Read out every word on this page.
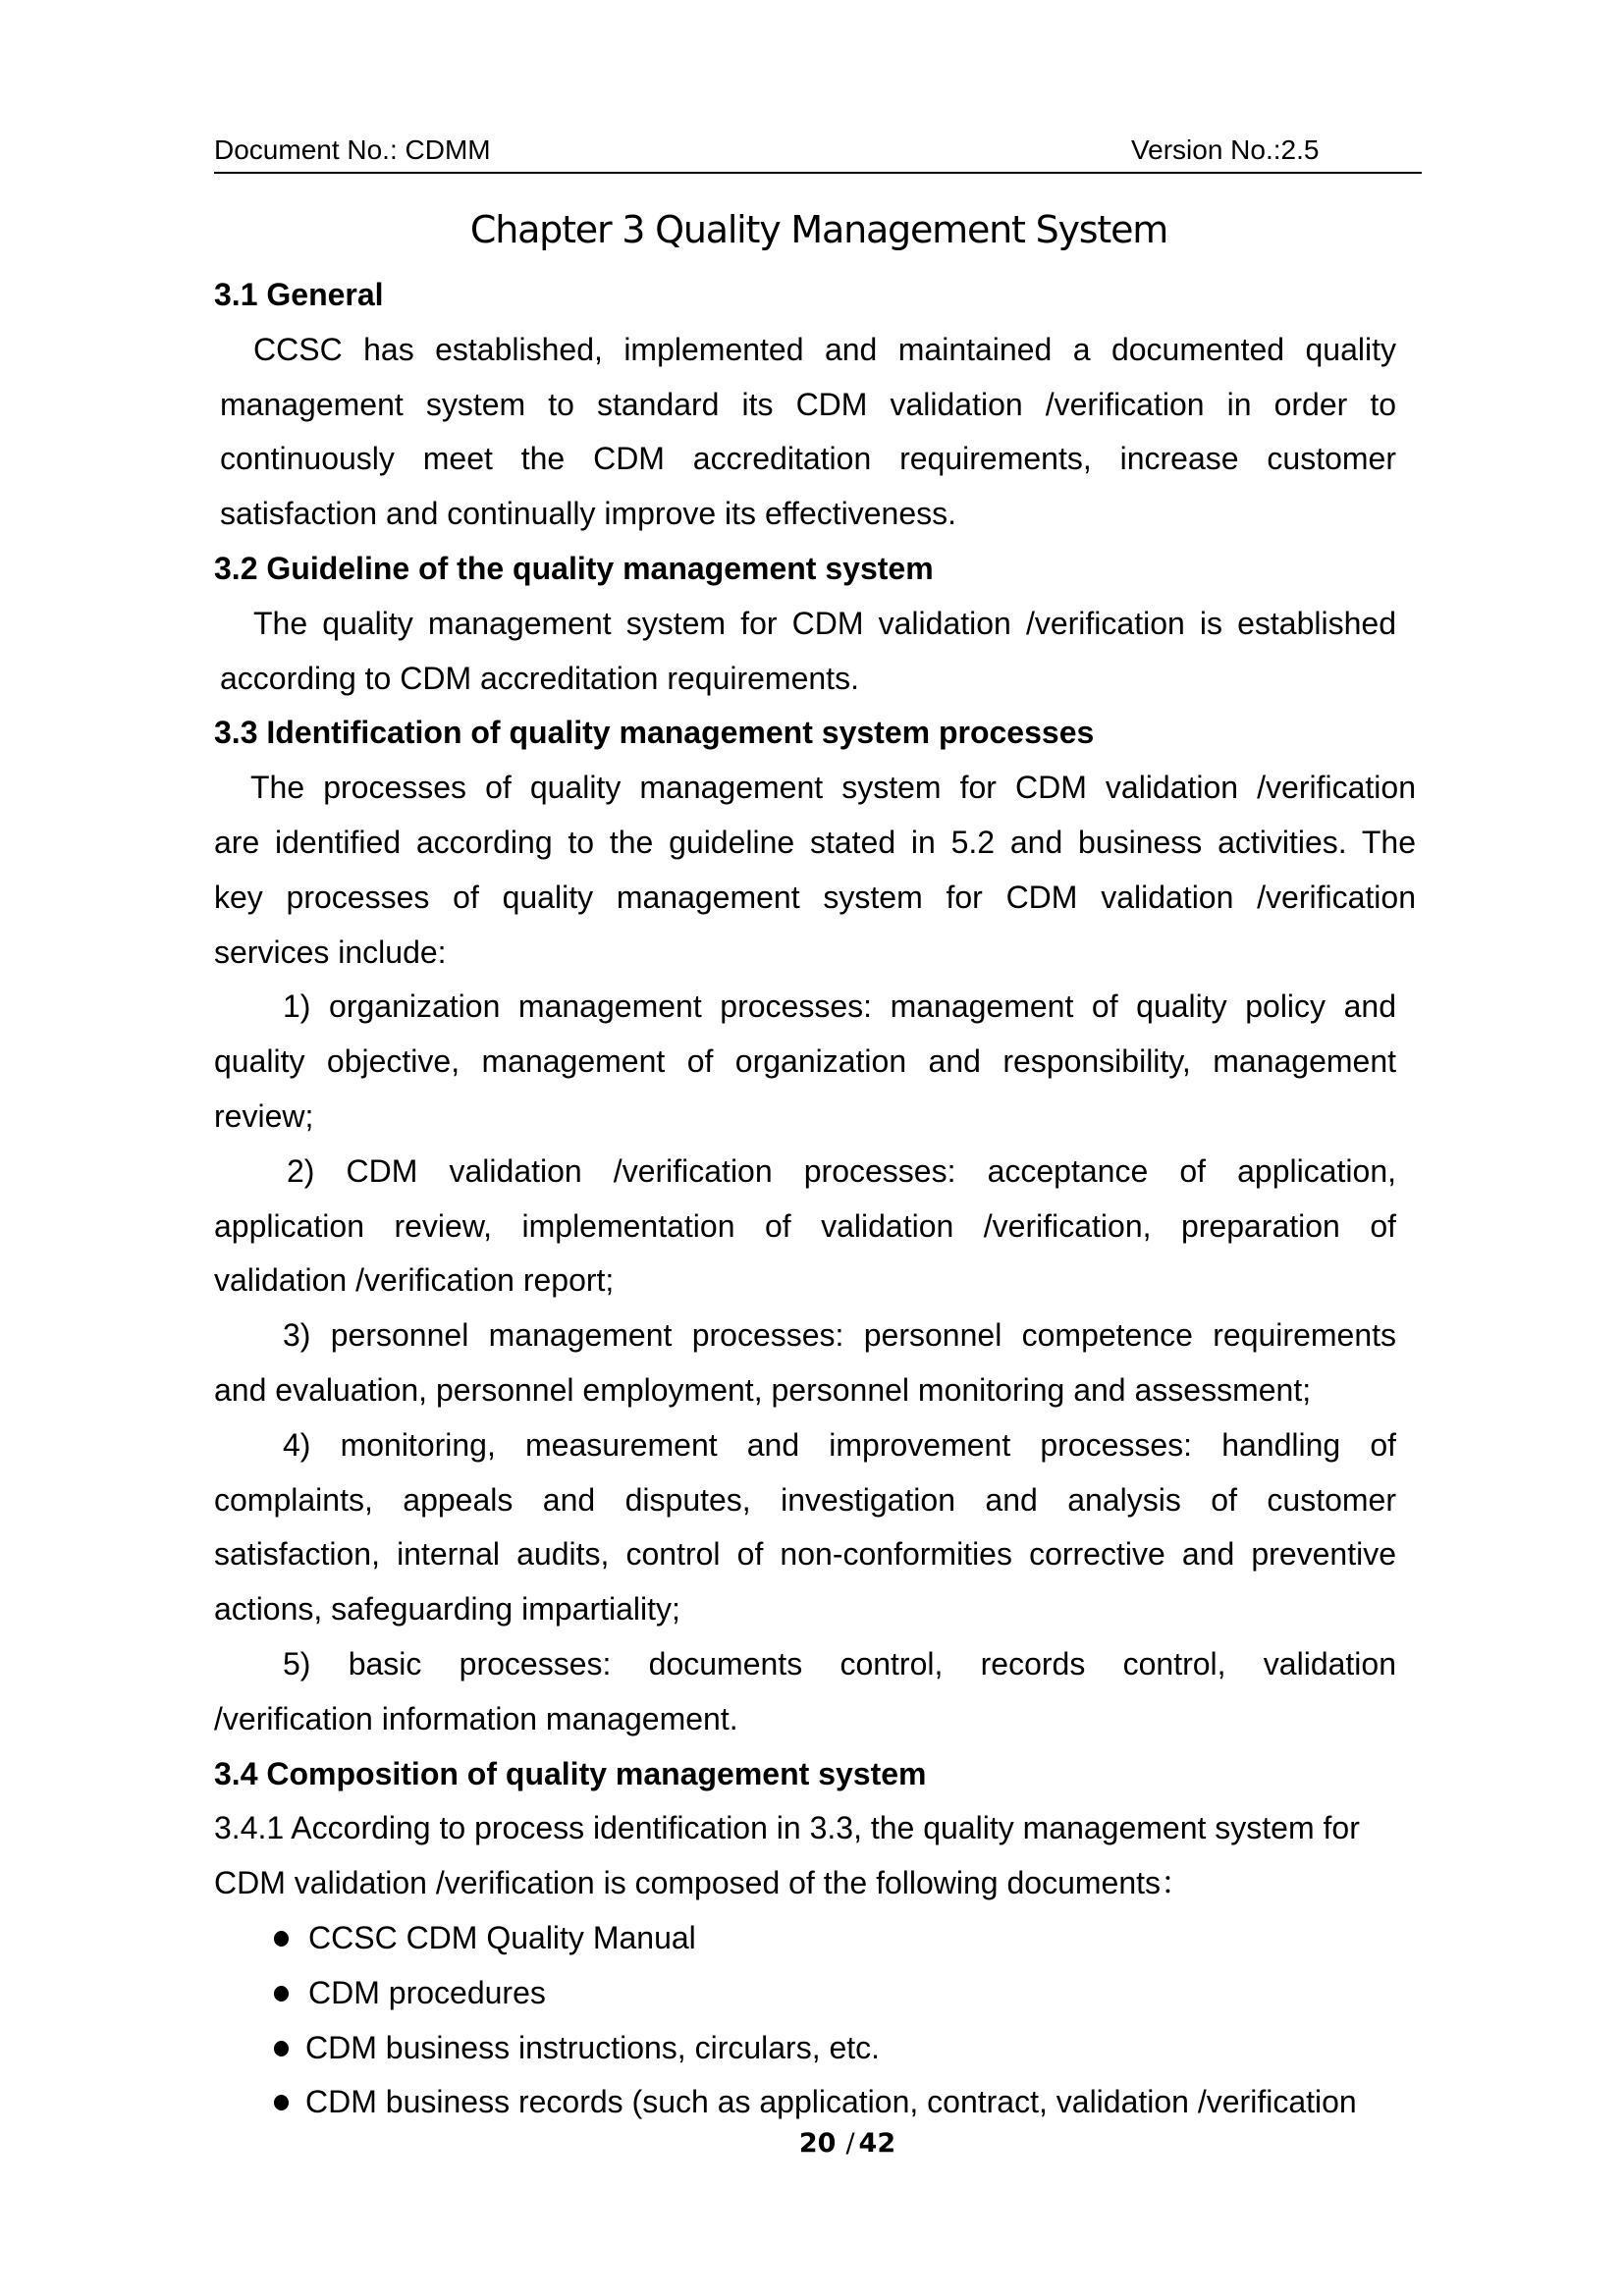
Document No.: CDMM	Version No.:2.5
Chapter 3 Quality Management System
3.1 General
CCSC has established, implemented and maintained a documented quality
management system to standard its CDM validation /verification in order to
continuously meet the CDM accreditation requirements, increase customer
satisfaction and continually improve its effectiveness.
3.2 Guideline of the quality management system
The quality management system for CDM validation /verification is established
according to CDM accreditation requirements.
3.3 Identification of quality management system processes
The processes of quality management system for CDM validation /verification
are identified according to the guideline stated in 5.2 and business activities. The
key processes of quality management system for CDM validation /verification
services include:
1) organization management processes: management of quality policy and
quality objective, management of organization and responsibility, management
review;
2) CDM validation /verification processes: acceptance of application,
application review, implementation of validation /verification, preparation of
validation /verification report;
3) personnel management processes: personnel competence requirements
and evaluation, personnel employment, personnel monitoring and assessment;
4) monitoring, measurement and improvement processes: handling of
complaints, appeals and disputes, investigation and analysis of customer
satisfaction, internal audits, control of non-conformities corrective and preventive
actions, safeguarding impartiality;
5) basic processes: documents control, records control, validation
/verification information management.
3.4 Composition of quality management system
3.4.1 According to process identification in 3.3, the quality management system for
CDM validation /verification is composed of the following documents：
CCSC CDM Quality Manual
CDM procedures
CDM business instructions, circulars, etc.
CDM business records (such as application, contract, validation /verification
20 / 42
